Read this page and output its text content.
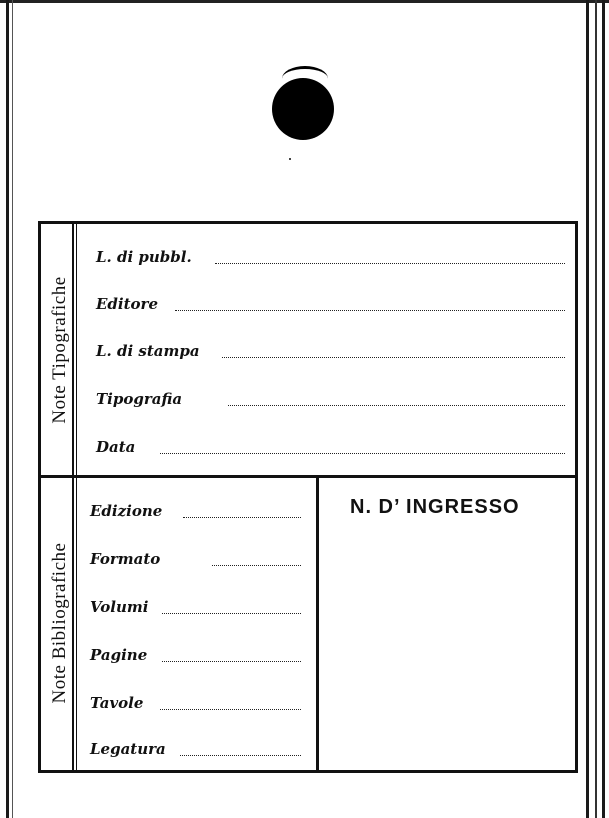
Note Tipografiche
Note Bibliografiche
L. di pubbl.
Editore
L. di stampa
Tipografia
Data
Edizione
Formato
Volumi
Pagine
Tavole
Legatura
N. D’ INGRESSO
